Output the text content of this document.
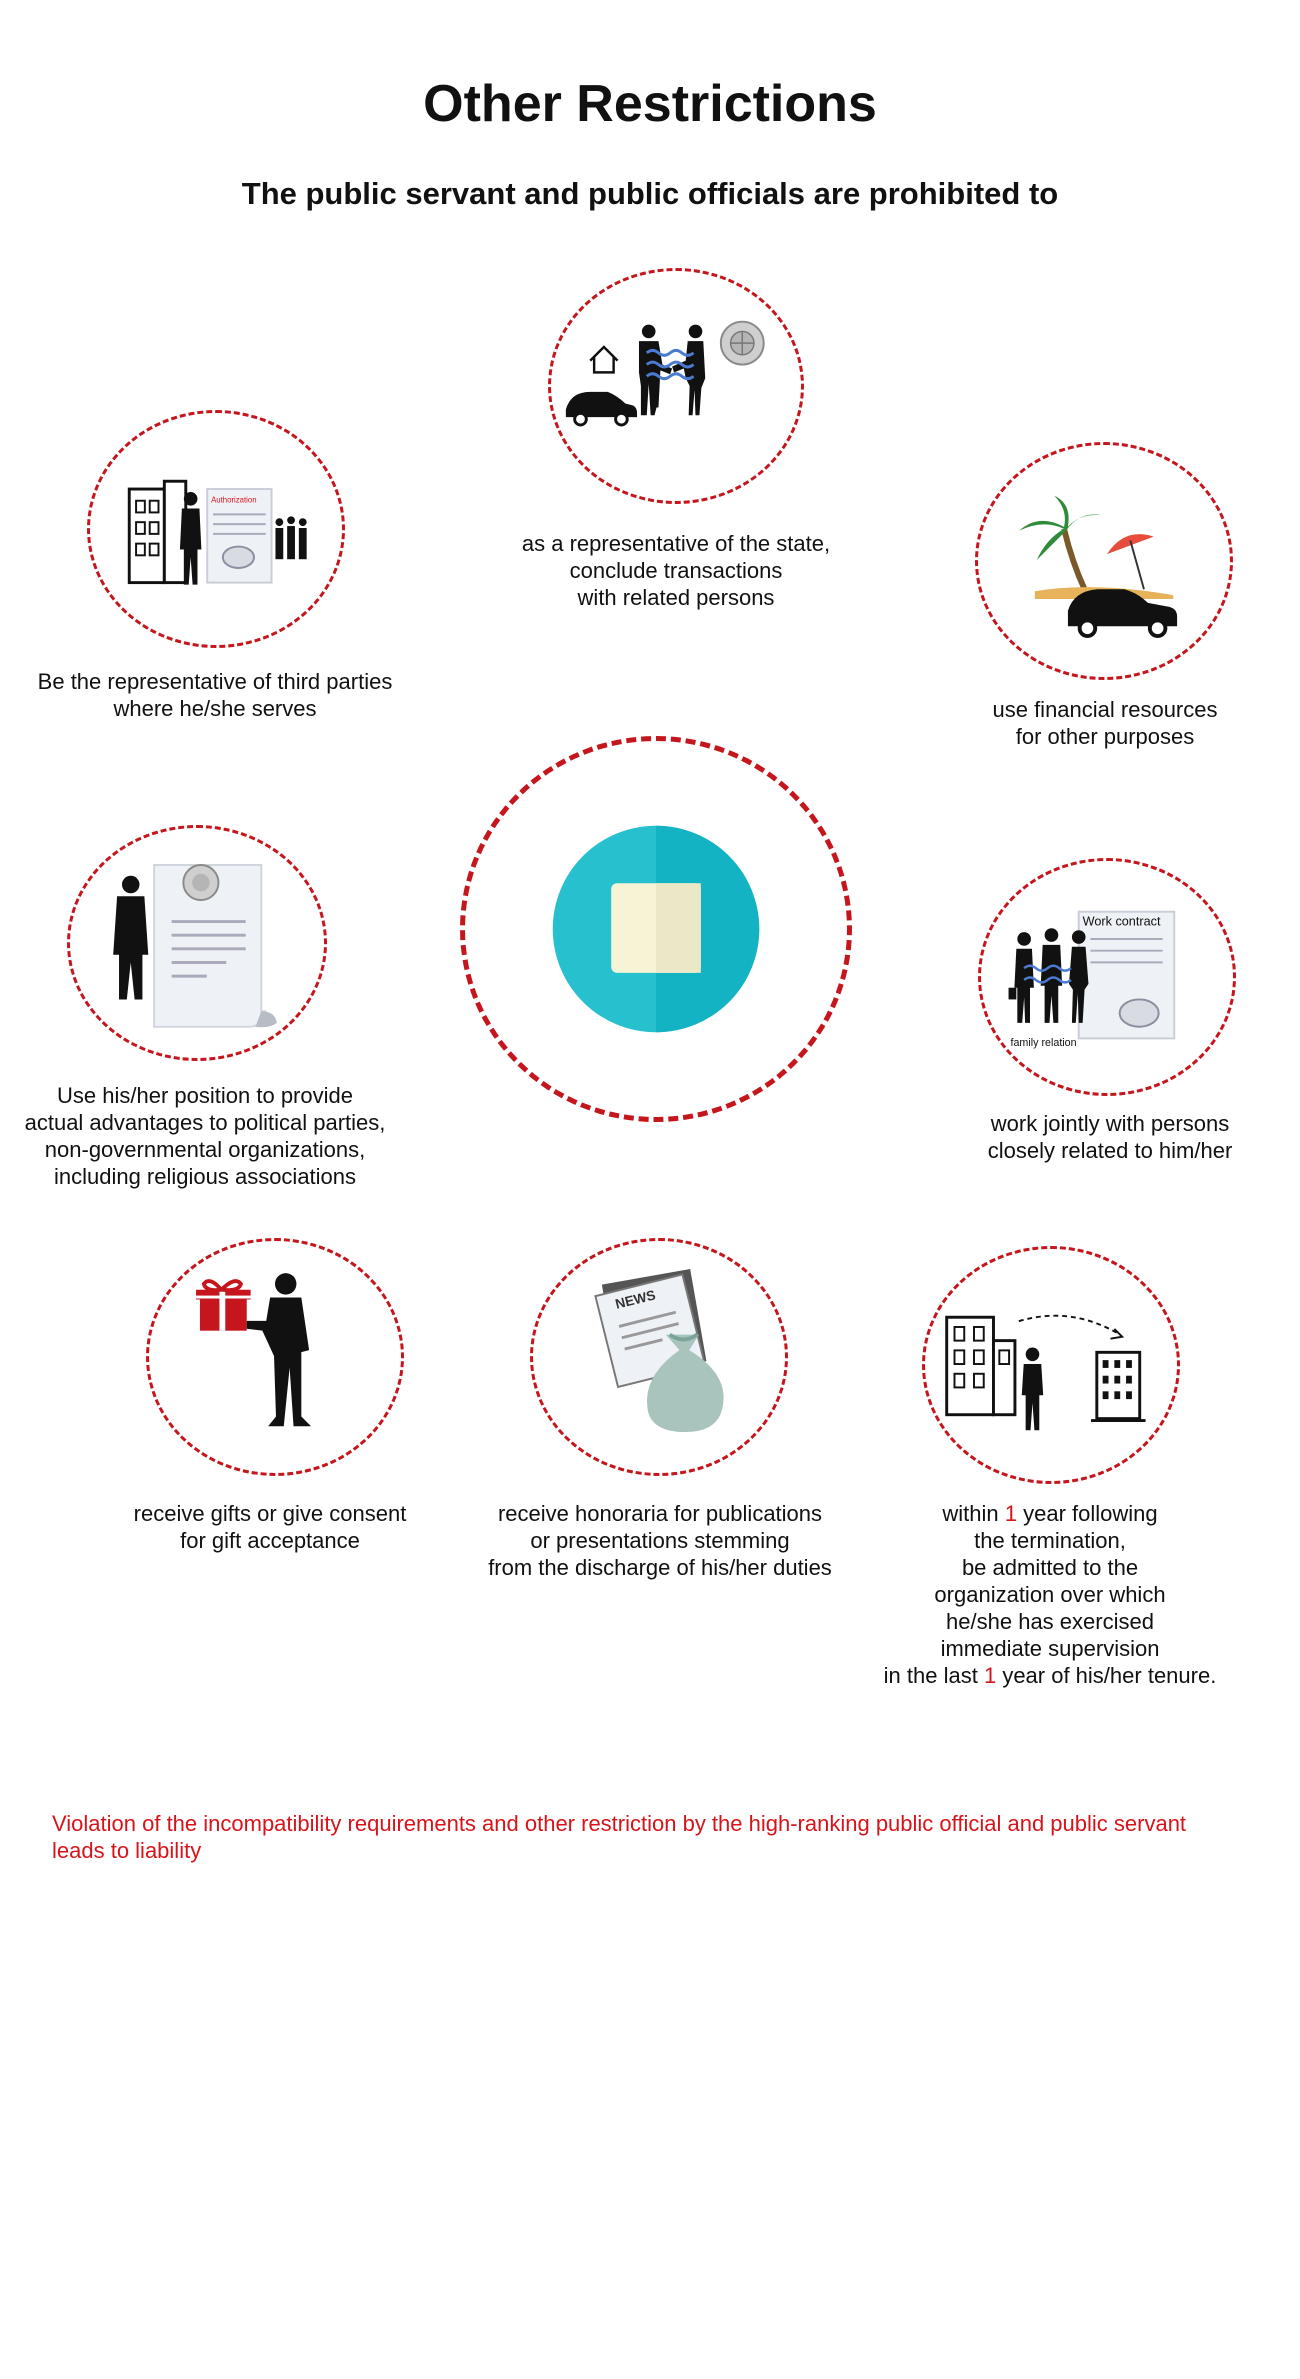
Other Restrictions
The public servant and public officials are prohibited to
as a representative of the state,
conclude transactions
with related persons
Authorization
Be the representative of third parties
where he/she serves	use financial resources
for other purposes
Use his/her position to provide
actual advantages to political parties,
non-governmental organizations,
including religious associations
Work contract
family relation
work jointly with persons
closely related to him/her
receive gifts or give consent
for gift acceptance
NEWS
receive honoraria for publications
or presentations stemming
from the discharge of his/her duties
within 1 year following
the termination,
be admitted to the
organization over which
he/she has exercised
immediate supervision
in the last 1 year of his/her tenure.
Violation of the incompatibility requirements and other restriction by the high-ranking public official and public servant leads to liability
